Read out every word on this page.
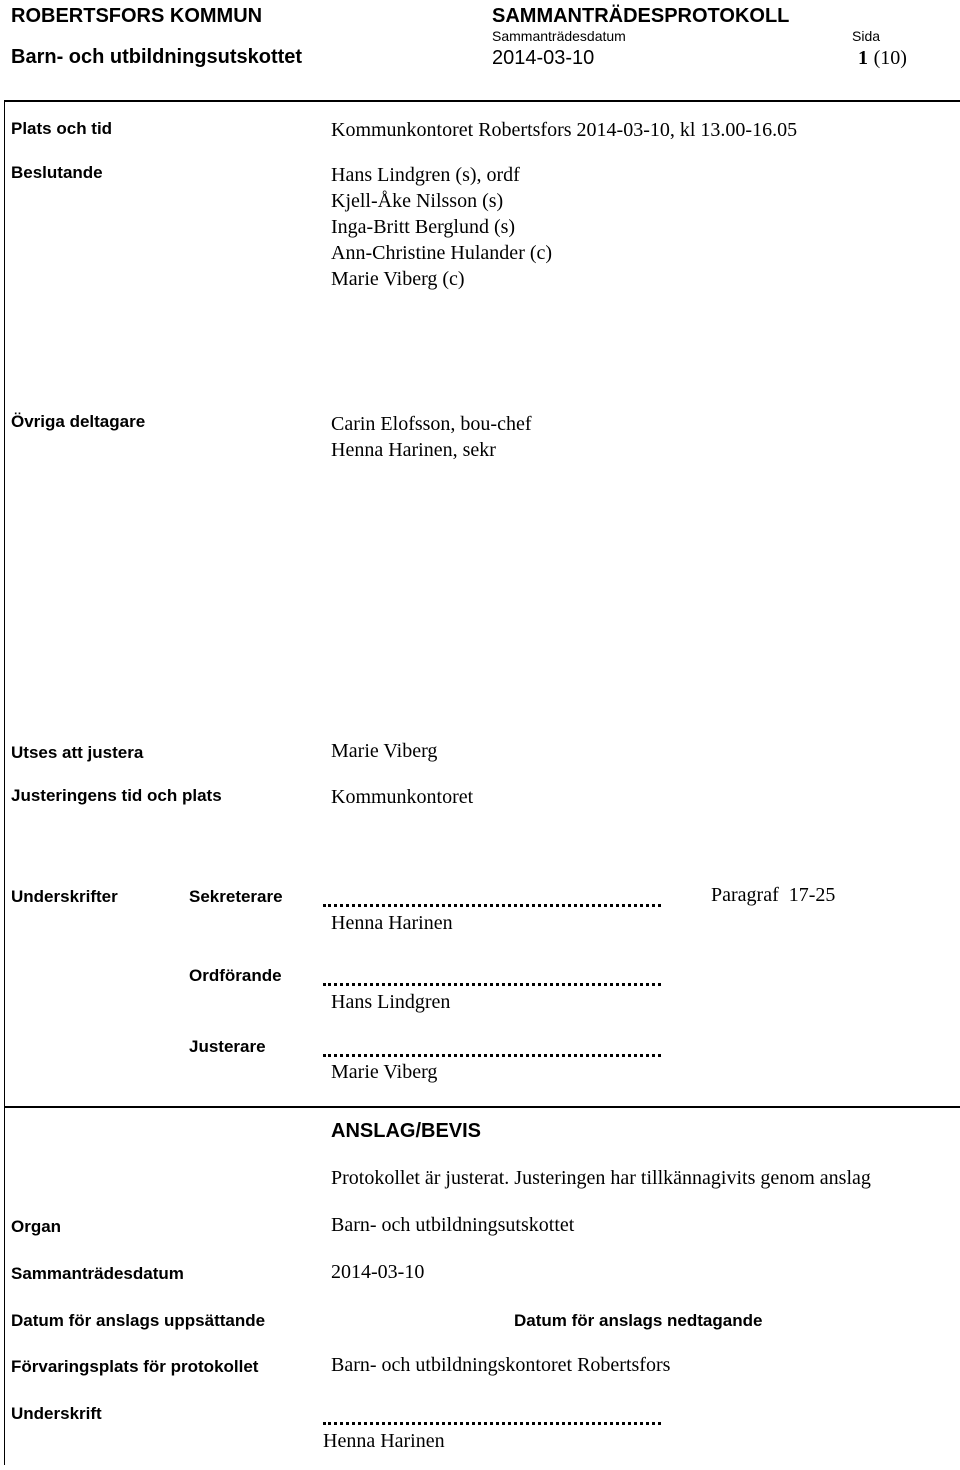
ROBERTSFORS KOMMUN
Barn- och utbildningsutskottet
SAMMANTRÄDESPROTOKOLL
Sammanträdesdatum
2014-03-10
Sida
1 (10)
Plats och tid	Kommunkontoret Robertsfors 2014-03-10, kl 13.00-16.05
Beslutande	Hans Lindgren (s), ordf
Kjell-Åke Nilsson (s)
Inga-Britt Berglund (s)
Ann-Christine Hulander (c)
Marie Viberg (c)
Övriga deltagare	Carin Elofsson, bou-chef
Henna Harinen, sekr
Utses att justera	Marie Viberg
Justeringens tid och plats	Kommunkontoret
Underskrifter	Sekreterare
Henna Harinen
Paragraf 17-25
Ordförande
Hans Lindgren
Justerare
Marie Viberg
ANSLAG/BEVIS
Protokollet är justerat. Justeringen har tillkännagivits genom anslag
Organ	Barn- och utbildningsutskottet
Sammanträdesdatum	2014-03-10
Datum för anslags uppsättande	Datum för anslags nedtagande
Förvaringsplats för protokollet	Barn- och utbildningskontoret Robertsfors
Underskrift
Henna Harinen
